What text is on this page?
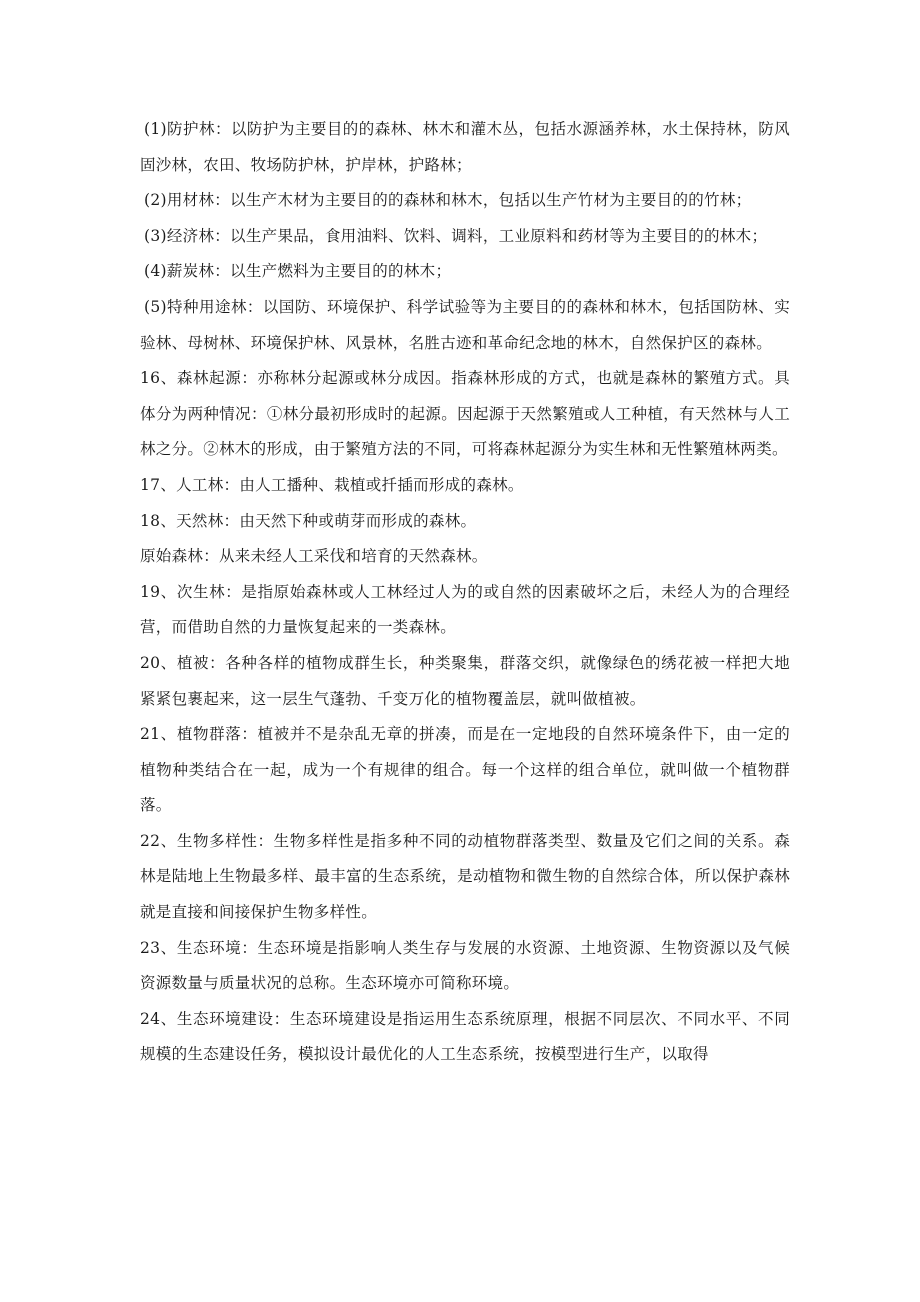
(1)防护林：以防护为主要目的的森林、林木和灌木丛，包括水源涵养林，水土保持林，防风固沙林，农田、牧场防护林，护岸林，护路林；

(2)用材林：以生产木材为主要目的的森林和林木，包括以生产竹材为主要目的的竹林；

(3)经济林：以生产果品，食用油料、饮料、调料，工业原料和药材等为主要目的的林木；

(4)薪炭林：以生产燃料为主要目的的林木；

(5)特种用途林：以国防、环境保护、科学试验等为主要目的的森林和林木，包括国防林、实验林、母树林、环境保护林、风景林，名胜古迹和革命纪念地的林木，自然保护区的森林。

16、森林起源：亦称林分起源或林分成因。指森林形成的方式，也就是森林的繁殖方式。具体分为两种情况：①林分最初形成时的起源。因起源于天然繁殖或人工种植，有天然林与人工林之分。②林木的形成，由于繁殖方法的不同，可将森林起源分为实生林和无性繁殖林两类。

17、人工林：由人工播种、栽植或扦插而形成的森林。

18、天然林：由天然下种或萌芽而形成的森林。

原始森林：从来未经人工采伐和培育的天然森林。

19、次生林：是指原始森林或人工林经过人为的或自然的因素破坏之后，未经人为的合理经营，而借助自然的力量恢复起来的一类森林。

20、植被：各种各样的植物成群生长，种类聚集，群落交织，就像绿色的绣花被一样把大地紧紧包裹起来，这一层生气蓬勃、千变万化的植物覆盖层，就叫做植被。

21、植物群落：植被并不是杂乱无章的拼凑，而是在一定地段的自然环境条件下，由一定的植物种类结合在一起，成为一个有规律的组合。每一个这样的组合单位，就叫做一个植物群落。

22、生物多样性：生物多样性是指多种不同的动植物群落类型、数量及它们之间的关系。森林是陆地上生物最多样、最丰富的生态系统，是动植物和微生物的自然综合体，所以保护森林就是直接和间接保护生物多样性。

23、生态环境：生态环境是指影响人类生存与发展的水资源、土地资源、生物资源以及气候资源数量与质量状况的总称。生态环境亦可简称环境。

24、生态环境建设：生态环境建设是指运用生态系统原理，根据不同层次、不同水平、不同规模的生态建设任务，模拟设计最优化的人工生态系统，按模型进行生产，以取得
